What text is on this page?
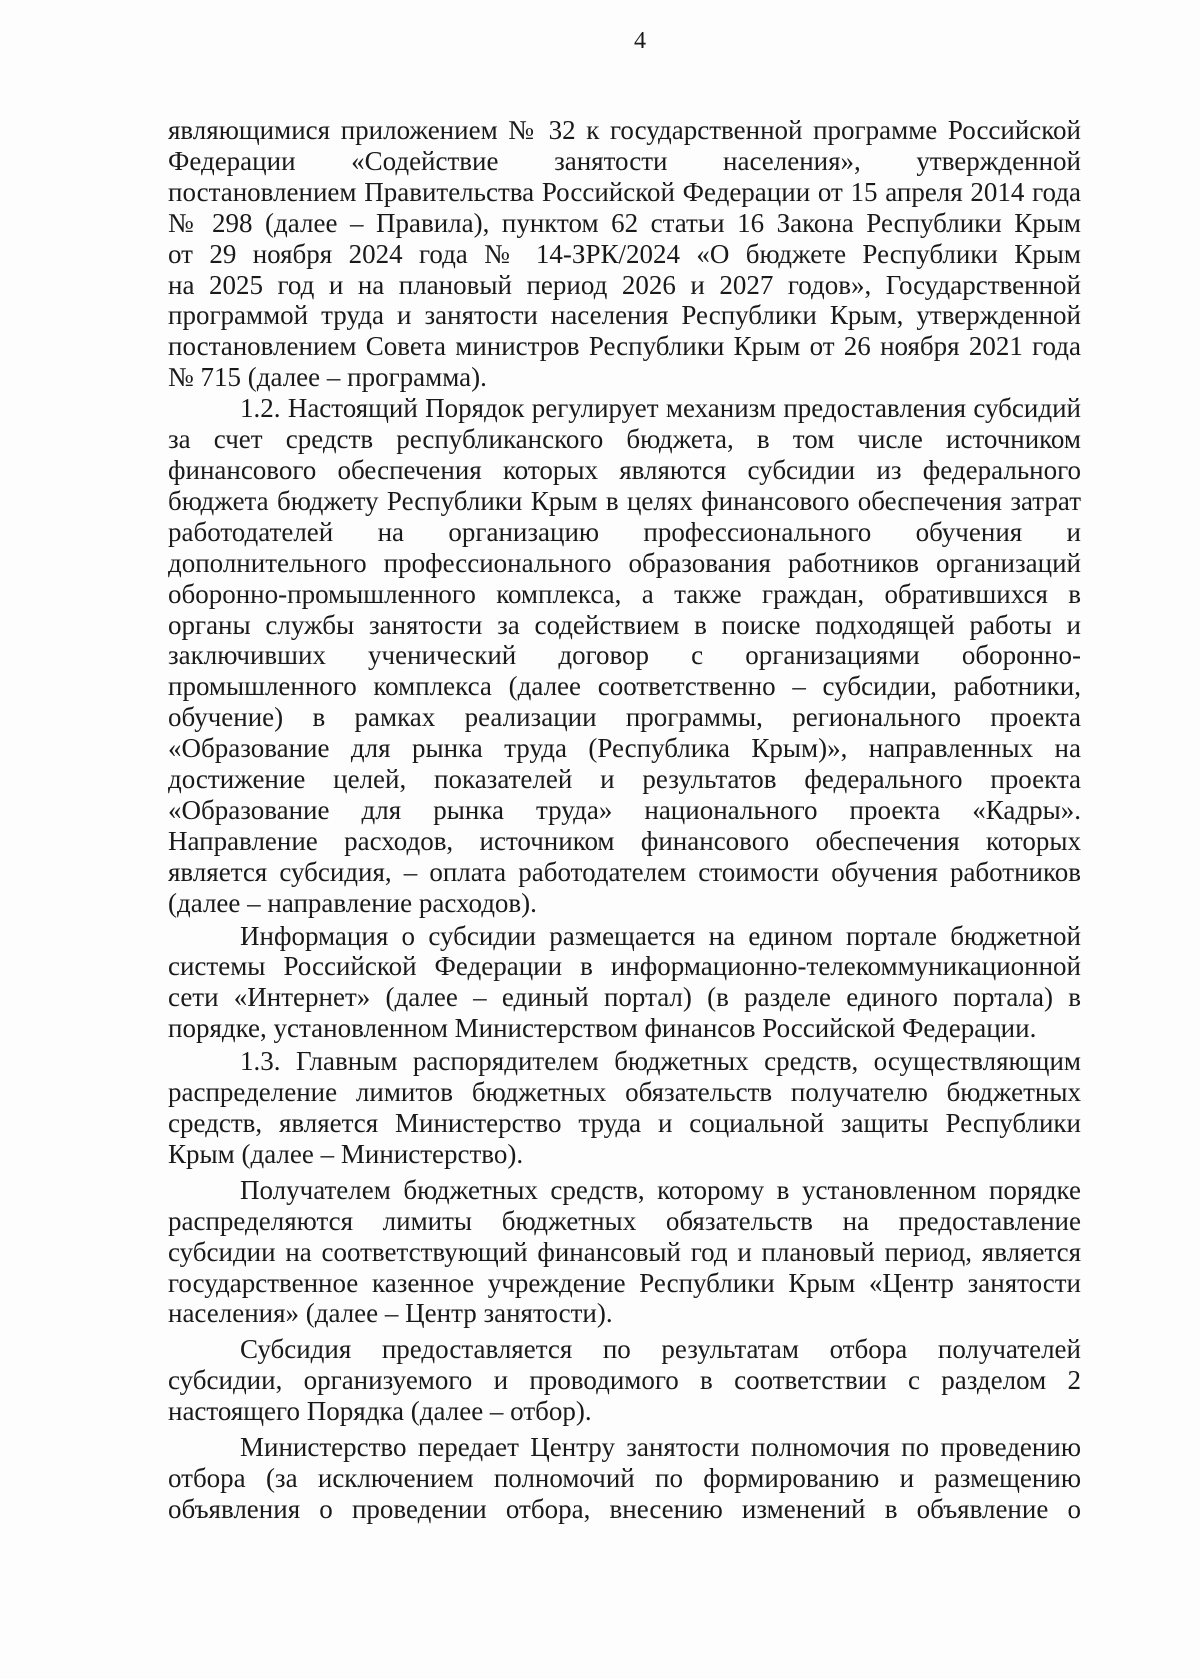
4

являющимися приложением № 32 к государственной программе Российской

Федерации «Содействие занятости населения», утвержденной

постановлением Правительства Российской Федерации от 15 апреля 2014 года

№ 298 (далее – Правила), пунктом 62 статьи 16 Закона Республики Крым

от 29 ноября 2024 года № 14-ЗРК/2024 «О бюджете Республики Крым

на 2025 год и на плановый период 2026 и 2027 годов», Государственной

программой труда и занятости населения Республики Крым, утвержденной

постановлением Совета министров Республики Крым от 26 ноября 2021 года

№ 715 (далее – программа).

1.2. Настоящий Порядок регулирует механизм предоставления субсидий

за счет средств республиканского бюджета, в том числе источником

финансового обеспечения которых являются субсидии из федерального

бюджета бюджету Республики Крым в целях финансового обеспечения затрат

работодателей на организацию профессионального обучения и

дополнительного профессионального образования работников организаций

оборонно-промышленного комплекса, а также граждан, обратившихся в

органы службы занятости за содействием в поиске подходящей работы и

заключивших ученический договор с организациями оборонно-

промышленного комплекса (далее соответственно – субсидии, работники,

обучение) в рамках реализации программы, регионального проекта

«Образование для рынка труда (Республика Крым)», направленных на

достижение целей, показателей и результатов федерального проекта

«Образование для рынка труда» национального проекта «Кадры».

Направление расходов, источником финансового обеспечения которых

является субсидия, – оплата работодателем стоимости обучения работников

(далее – направление расходов).

Информация о субсидии размещается на едином портале бюджетной

системы Российской Федерации в информационно-телекоммуникационной

сети «Интернет» (далее – единый портал) (в разделе единого портала) в

порядке, установленном Министерством финансов Российской Федерации.

1.3. Главным распорядителем бюджетных средств, осуществляющим

распределение лимитов бюджетных обязательств получателю бюджетных

средств, является Министерство труда и социальной защиты Республики

Крым (далее – Министерство).

Получателем бюджетных средств, которому в установленном порядке

распределяются лимиты бюджетных обязательств на предоставление

субсидии на соответствующий финансовый год и плановый период, является

государственное казенное учреждение Республики Крым «Центр занятости

населения» (далее – Центр занятости).

Субсидия предоставляется по результатам отбора получателей

субсидии, организуемого и проводимого в соответствии с разделом 2

настоящего Порядка (далее – отбор).

Министерство передает Центру занятости полномочия по проведению

отбора (за исключением полномочий по формированию и размещению

объявления о проведении отбора, внесению изменений в объявление о
